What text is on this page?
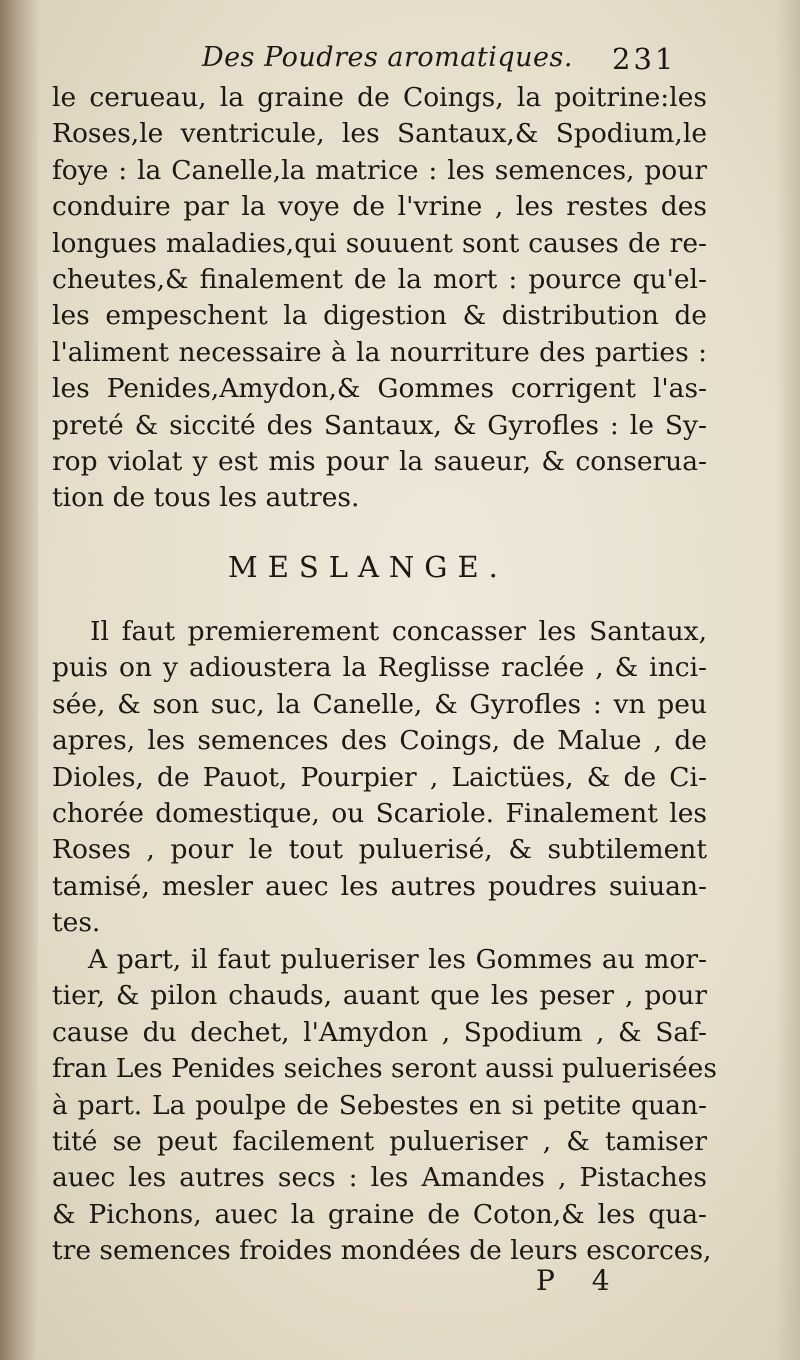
Des Poudres aromatiques. 231
le cerueau, la graine de Coings, la poitrine:les
Roses,le ventricule, les Santaux,& Spodium,le
foye : la Canelle,la matrice : les semences, pour
conduire par la voye de l'vrine , les restes des
longues maladies,qui souuent sont causes de re-
cheutes,& finalement de la mort : pource qu'el-
les empeschent la digestion & distribution de
l'aliment necessaire à la nourriture des parties :
les Penides,Amydon,& Gommes corrigent l'as-
preté & siccité des Santaux, & Gyrofles : le Sy-
rop violat y est mis pour la saueur, & conserua-
tion de tous les autres.
MESLANGE.
Il faut premierement concasser les Santaux,
puis on y adioustera la Reglisse raclée , & inci-
sée, & son suc, la Canelle, & Gyrofles : vn peu
apres, les semences des Coings, de Malue , de
Dioles, de Pauot, Pourpier , Laictües, & de Ci-
chorée domestique, ou Scariole. Finalement les
Roses , pour le tout puluerisé, & subtilement
tamisé, mesler auec les autres poudres suiuan-
tes.
A part, il faut pulueriser les Gommes au mor-
tier, & pilon chauds, auant que les peser , pour
cause du dechet, l'Amydon , Spodium , & Saf-
fran Les Penides seiches seront aussi puluerisées
à part. La poulpe de Sebestes en si petite quan-
tité se peut facilement pulueriser , & tamiser
auec les autres secs : les Amandes , Pistaches
& Pichons, auec la graine de Coton,& les qua-
tre semences froides mondées de leurs escorces,
P 4
